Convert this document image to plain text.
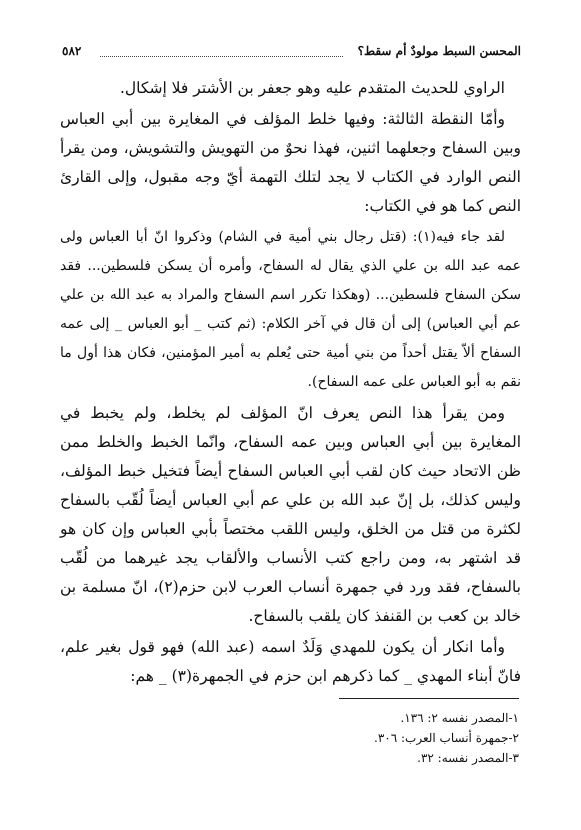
٥٨٢	المحسن السبط مولودٌ أم سقط؟

الراوي للحديث المتقدم عليه وهو جعفر بن الأشتر فلا إشكال.

وأمّا النقطة الثالثة: وفيها خلط المؤلف في المغايرة بين أبي العباس وبين السفاح وجعلهما اثنين، فهذا نحوٌ من التهويش والتشويش، ومن يقرأ النص الوارد في الكتاب لا يجد لتلك التهمة أيّ وجه مقبول، وإلى القارئ النص كما هو في الكتاب:

لقد جاء فيه(١): (قتل رجال بني أمية في الشام) وذكروا انّ أبا العباس ولى عمه عبد الله بن علي الذي يقال له السفاح، وأمره أن يسكن فلسطين... فقد سكن السفاح فلسطين... (وهكذا تكرر اسم السفاح والمراد به عبد الله بن علي عم أبي العباس) إلى أن قال في آخر الكلام: (ثم كتب _ أبو العباس _ إلى عمه السفاح ألاّ يقتل أحداً من بني أمية حتى يُعلم به أمير المؤمنين، فكان هذا أول ما نقم به أبو العباس على عمه السفاح).

ومن يقرأ هذا النص يعرف انّ المؤلف لم يخلط، ولم يخبط في المغايرة بين أبي العباس وبين عمه السفاح، وانّما الخبط والخلط ممن ظن الاتحاد حيث كان لقب أبي العباس السفاح أيضاً فتخيل خبط المؤلف، وليس كذلك، بل إنّ عبد الله بن علي عم أبي العباس أيضاً لُقّب بالسفاح لكثرة من قتل من الخلق، وليس اللقب مختصاً بأبي العباس وإن كان هو قد اشتهر به، ومن راجع كتب الأنساب والألقاب يجد غيرهما من لُقّب بالسفاح، فقد ورد في جمهرة أنساب العرب لابن حزم(٢)، انّ مسلمة بن خالد بن كعب بن القنفذ كان يلقب بالسفاح.

وأما انكار أن يكون للمهدي وَلَدٌ اسمه (عبد الله) فهو قول بغير علم، فانّ أبناء المهدي _ كما ذكرهم ابن حزم في الجمهرة(٣) _ هم:

١-المصدر نفسه ٢: ١٣٦.

٢-جمهرة أنساب العرب: ٣٠٦.

٣-المصدر نفسه: ٣٢.
